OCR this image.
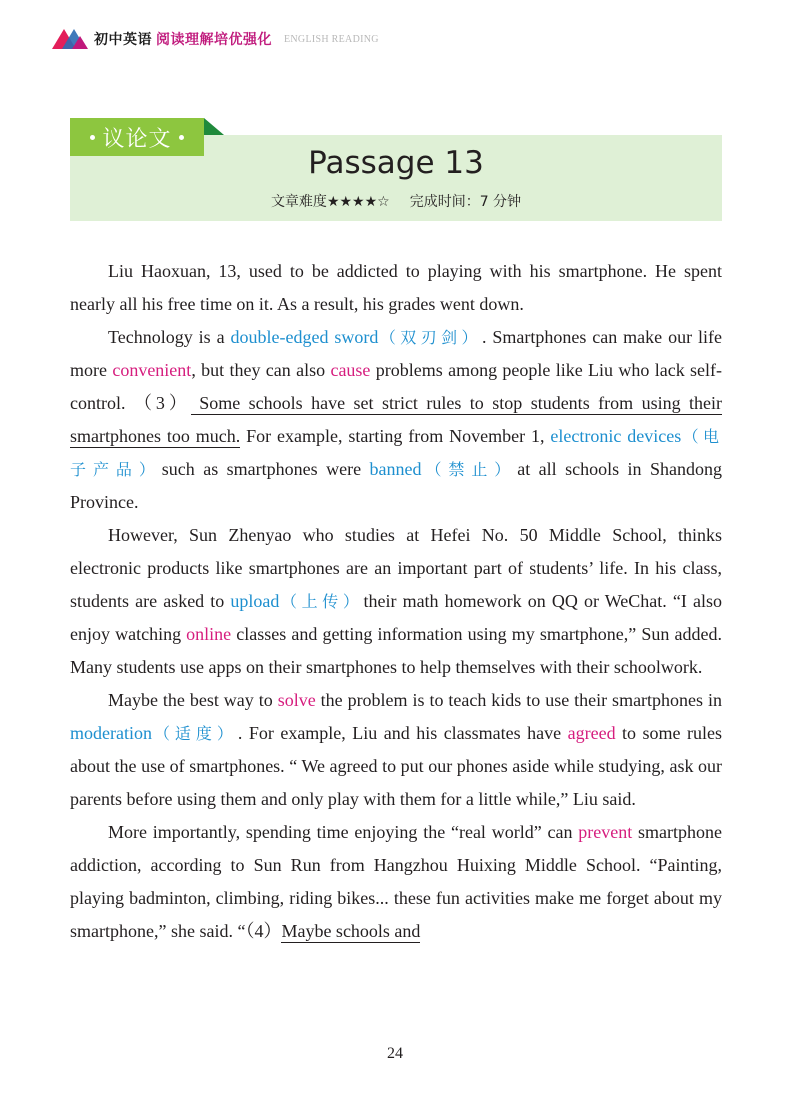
初中英语 阅读理解培优强化 ENGLISH READING
Passage 13
文章难度★★★★☆ 完成时间：7 分钟
议论文

Liu Haoxuan, 13, used to be addicted to playing with his smartphone. He spent nearly all his free time on it. As a result, his grades went down.

Technology is a double-edged sword（双刃剑）. Smartphones can make our life more convenient, but they can also cause problems among people like Liu who lack self-control. （3） Some schools have set strict rules to stop students from using their smartphones too much. For example, starting from November 1, electronic devices（电子产品）such as smartphones were banned（禁止）at all schools in Shandong Province.

However, Sun Zhenyao who studies at Hefei No. 50 Middle School, thinks electronic products like smartphones are an important part of students’ life. In his class, students are asked to upload（上传）their math homework on QQ or WeChat. “I also enjoy watching online classes and getting information using my smartphone,” Sun added. Many students use apps on their smartphones to help themselves with their schoolwork.

Maybe the best way to solve the problem is to teach kids to use their smartphones in moderation（适度）. For example, Liu and his classmates have agreed to some rules about the use of smartphones. “ We agreed to put our phones aside while studying, ask our parents before using them and only play with them for a little while,” Liu said.

More importantly, spending time enjoying the “real world” can prevent smartphone addiction, according to Sun Run from Hangzhou Huixing Middle School. “Painting, playing badminton, climbing, riding bikes... these fun activities make me forget about my smartphone,” she said. “（4）Maybe schools and

24
